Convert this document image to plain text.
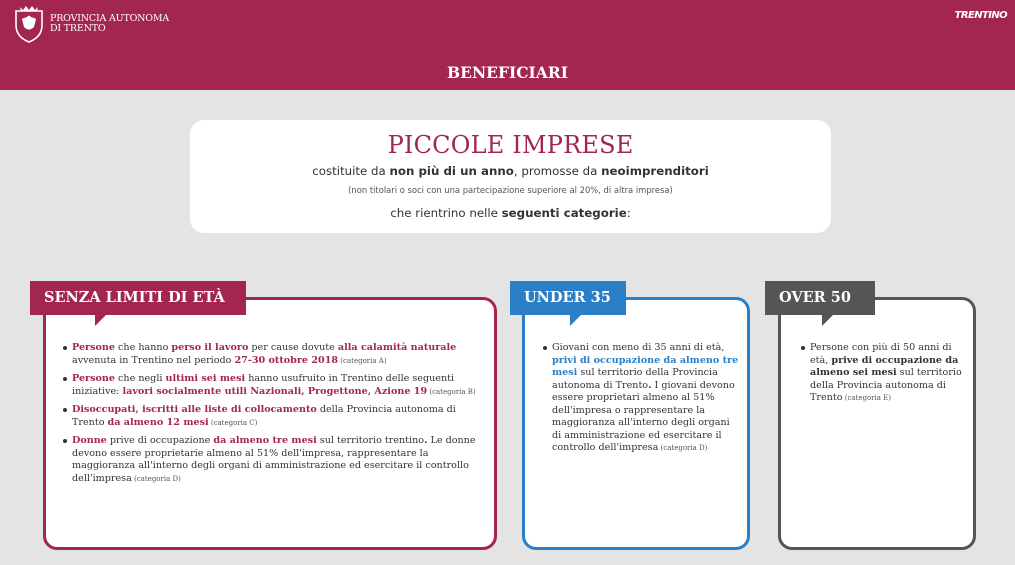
PROVINCIA AUTONOMA
DI TRENTO
TRENTINO
BENEFICIARI
PICCOLE IMPRESE
costituite da non più di un anno, promosse da neoimprenditori
(non titolari o soci con una partecipazione superiore al 20%, di altra impresa)
che rientrino nelle seguenti categorie:
SENZA LIMITI DI ETÀ
Persone che hanno perso il lavoro per cause dovute alla calamità naturale avvenuta in Trentino nel periodo 27-30 ottobre 2018 (categoria A)
Persone che negli ultimi sei mesi hanno usufruito in Trentino delle seguenti iniziative: lavori socialmente utili Nazionali, Progettone, Azione 19 (categoria B)
Disoccupati, iscritti alle liste di collocamento della Provincia autonoma di Trento da almeno 12 mesi (categoria C)
Donne prive di occupazione da almeno tre mesi sul territorio trentino. Le donne devono essere proprietarie almeno al 51% dell'impresa, rappresentare la maggioranza all'interno degli organi di amministrazione ed esercitare il controllo dell'impresa (categoria D)
UNDER 35
Giovani con meno di 35 anni di età, privi di occupazione da almeno tre mesi sul territorio della Provincia autonoma di Trento. I giovani devono essere proprietari almeno al 51% dell'impresa o rappresentare la maggioranza all'interno degli organi di amministrazione ed esercitare il controllo dell'impresa (categoria D)
OVER 50
Persone con più di 50 anni di età, prive di occupazione da almeno sei mesi sul territorio della Provincia autonoma di Trento (categoria E)
